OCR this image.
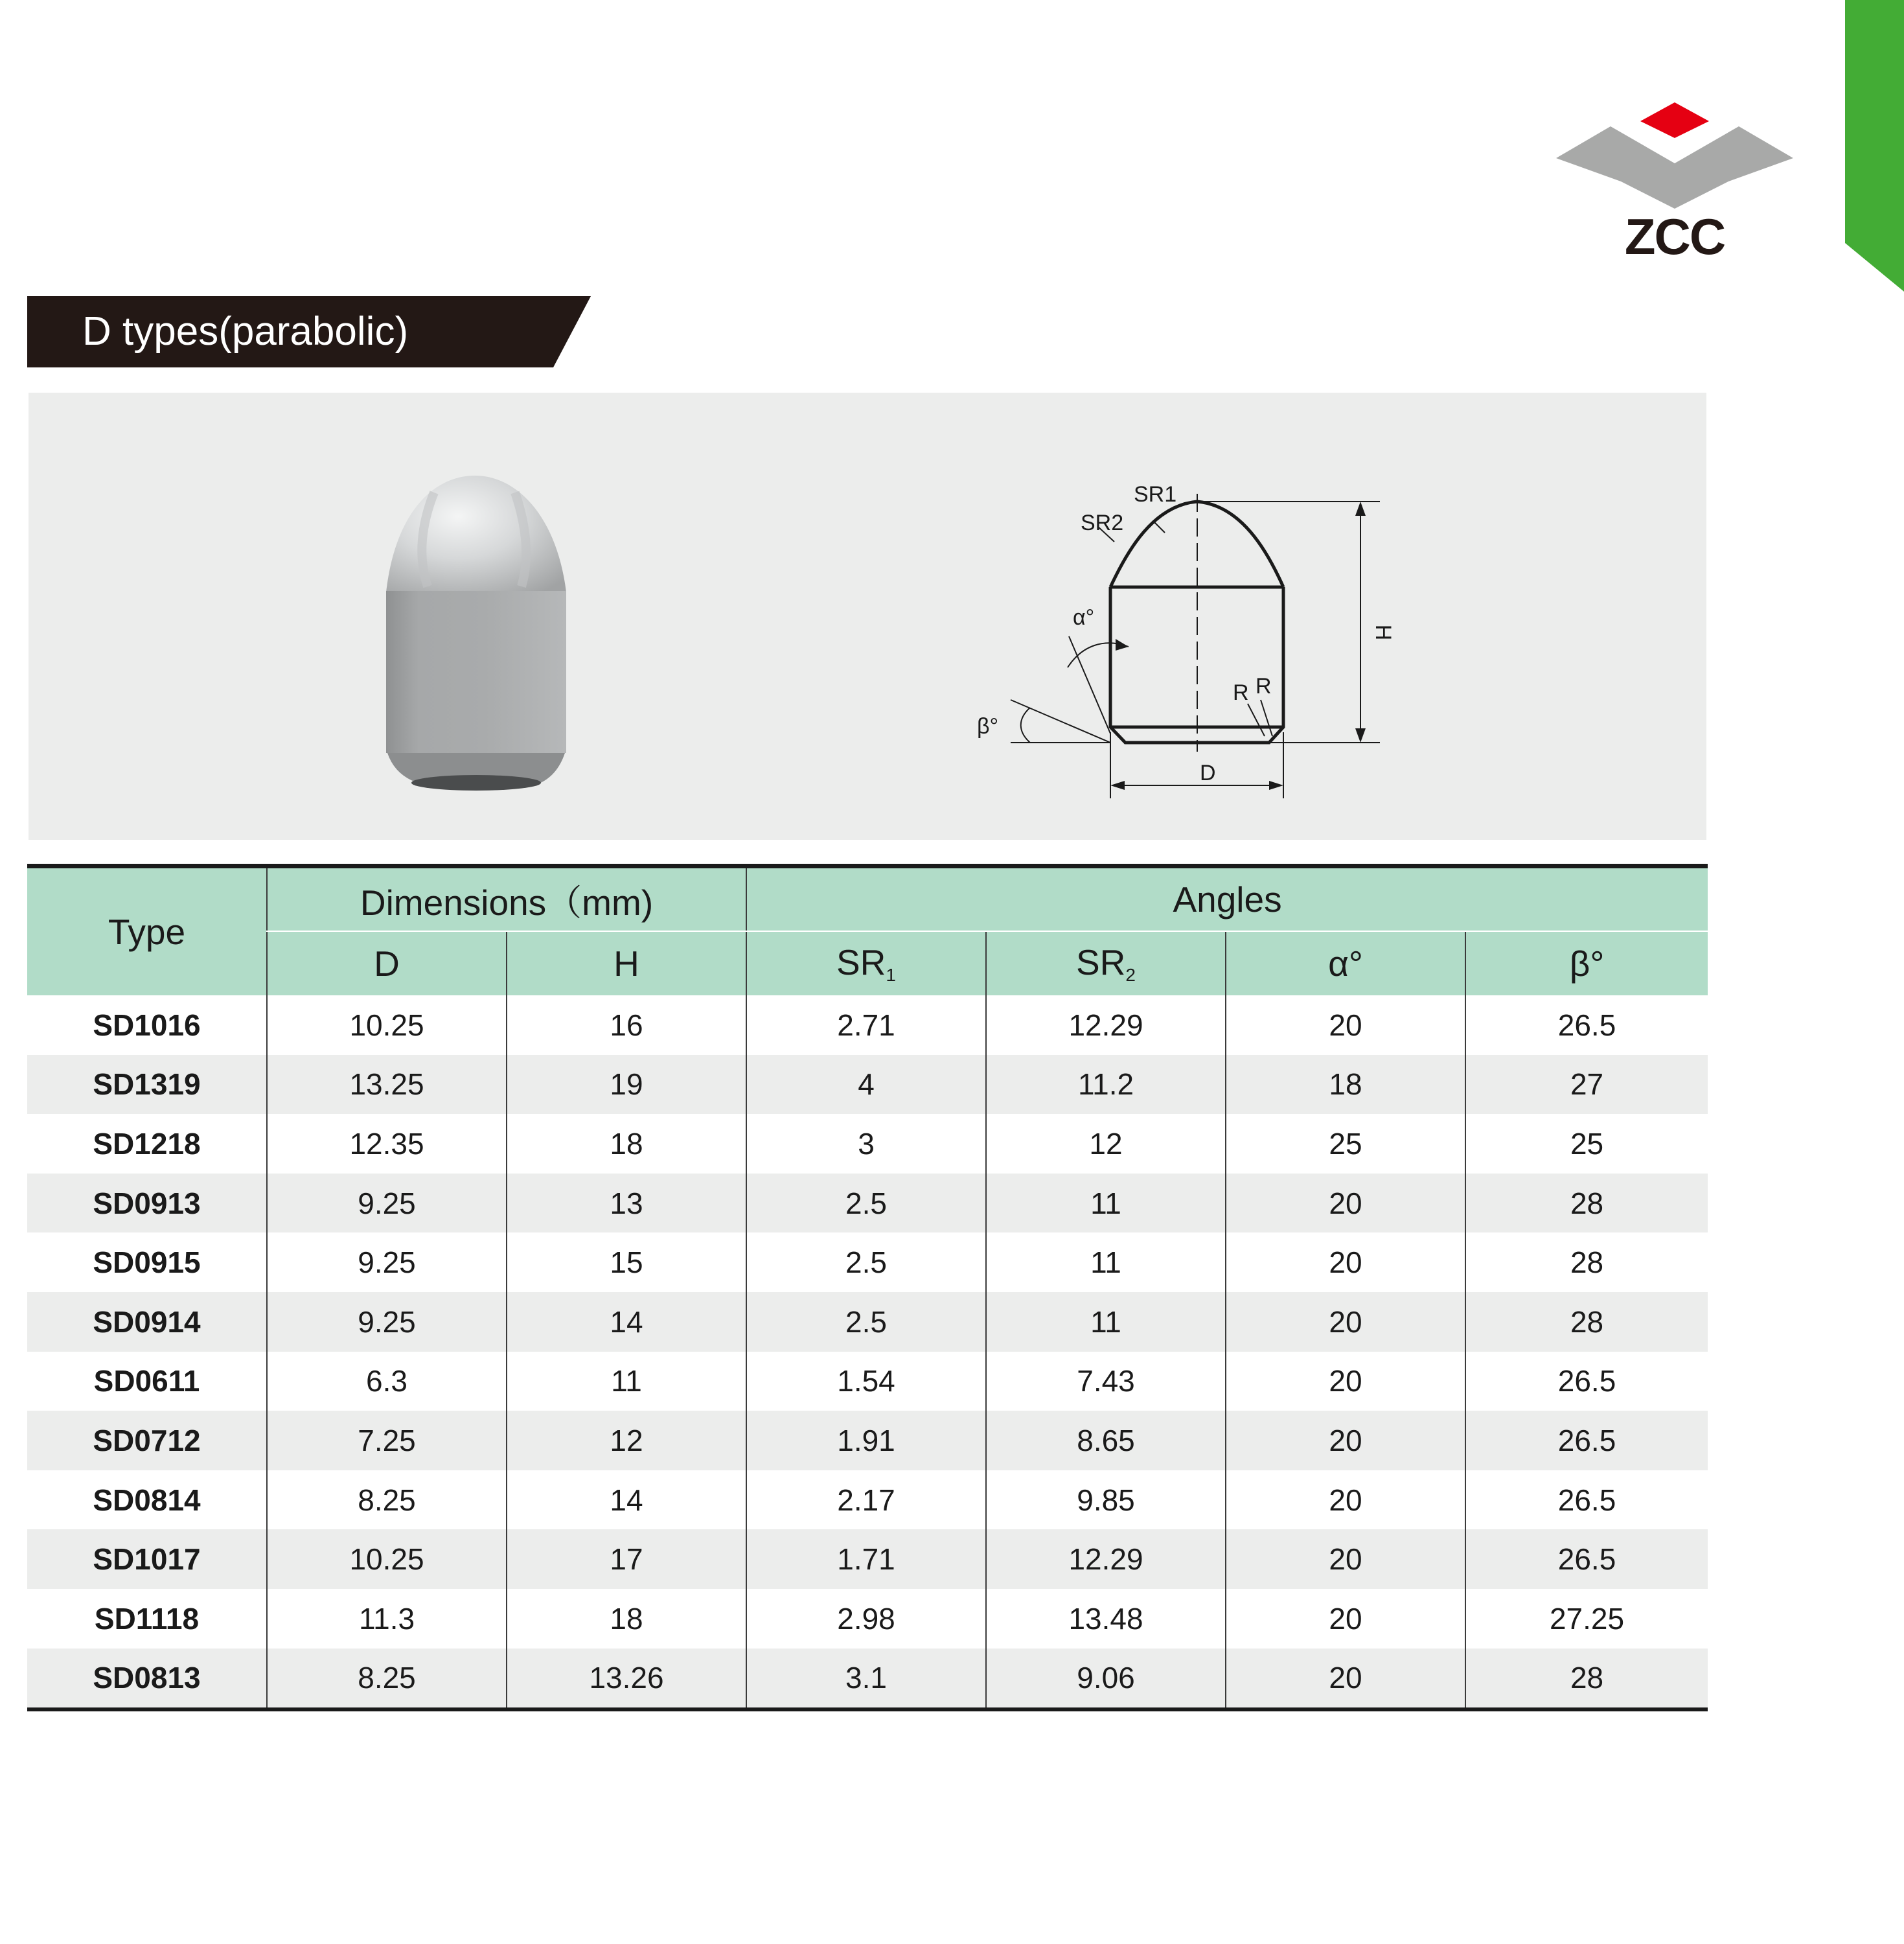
ZCC
D types(parabolic)
SR1
SR2
α°
β°
R R
D
H
Type	Dimensions（mm)		Angles			
	D	H	$SR_1$	$SR_2$	α°	β°
SD1016	10.25	16	2.71	12.29	20	26.5
SD1319	13.25	19	4	11.2	18	27
SD1218	12.35	18	3	12	25	25
SD0913	9.25	13	2.5	11	20	28
SD0915	9.25	15	2.5	11	20	28
SD0914	9.25	14	2.5	11	20	28
SD0611	6.3	11	1.54	7.43	20	26.5
SD0712	7.25	12	1.91	8.65	20	26.5
SD0814	8.25	14	2.17	9.85	20	26.5
SD1017	10.25	17	1.71	12.29	20	26.5
SD1118	11.3	18	2.98	13.48	20	27.25
SD0813	8.25	13.26	3.1	9.06	20	28
